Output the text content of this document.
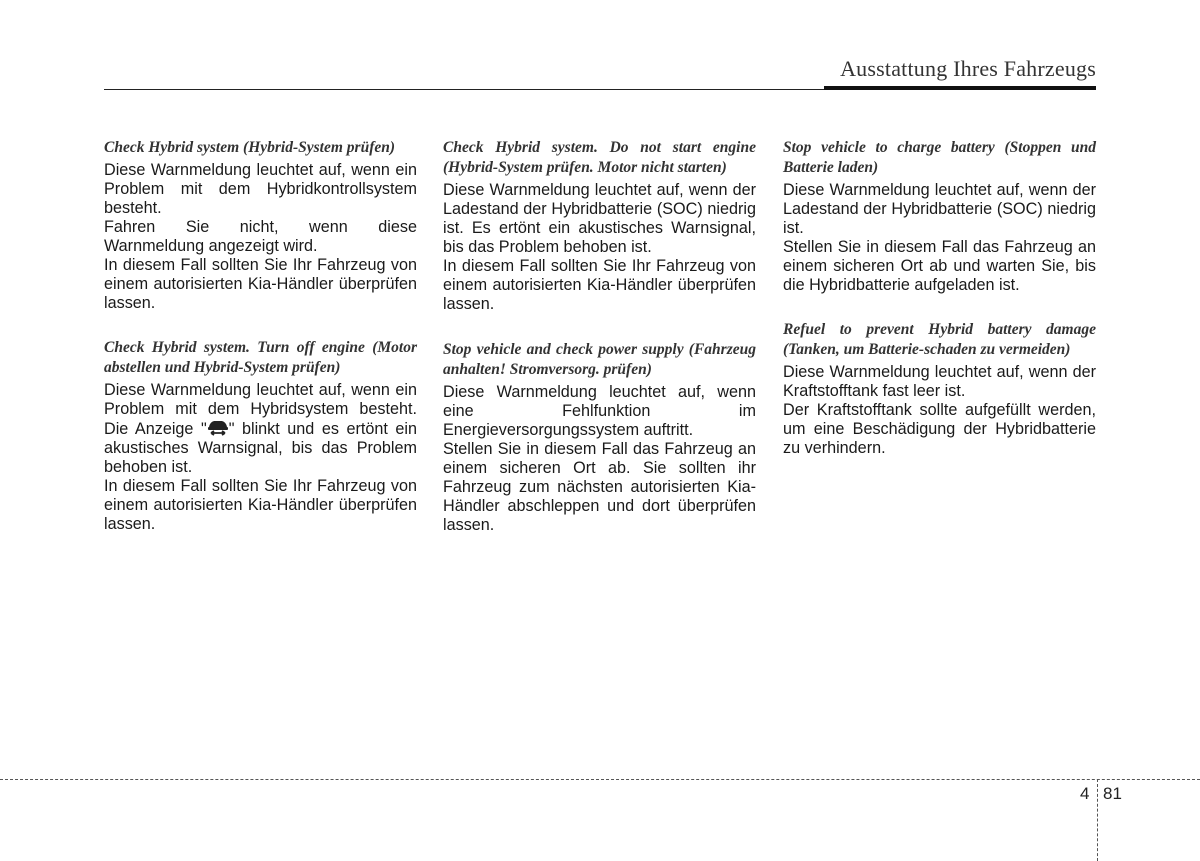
Ausstattung Ihres Fahrzeugs

Check Hybrid system (Hybrid-System prüfen)

Diese Warnmeldung leuchtet auf, wenn ein Problem mit dem Hybridkontrollsystem besteht.

Fahren Sie nicht, wenn diese Warnmeldung angezeigt wird.

In diesem Fall sollten Sie Ihr Fahrzeug von einem autorisierten Kia-Händler überprüfen lassen.

Check Hybrid system. Turn off engine (Motor abstellen und Hybrid-System prüfen)

Diese Warnmeldung leuchtet auf, wenn ein Problem mit dem Hybridsystem besteht. Die Anzeige " " blinkt und es ertönt ein akustisches Warnsignal, bis das Problem behoben ist.

In diesem Fall sollten Sie Ihr Fahrzeug von einem autorisierten Kia-Händler überprüfen lassen.

Check Hybrid system. Do not start engine (Hybrid-System prüfen. Motor nicht starten)

Diese Warnmeldung leuchtet auf, wenn der Ladestand der Hybridbatterie (SOC) niedrig ist. Es ertönt ein akustisches Warnsignal, bis das Problem behoben ist.

In diesem Fall sollten Sie Ihr Fahrzeug von einem autorisierten Kia-Händler überprüfen lassen.

Stop vehicle and check power supply (Fahrzeug anhalten! Stromversorg. prüfen)

Diese Warnmeldung leuchtet auf, wenn eine Fehlfunktion im Energieversorgungssystem auftritt.

Stellen Sie in diesem Fall das Fahrzeug an einem sicheren Ort ab. Sie sollten ihr Fahrzeug zum nächsten autorisierten Kia-Händler abschleppen und dort überprüfen lassen.

Stop vehicle to charge battery (Stoppen und Batterie laden)

Diese Warnmeldung leuchtet auf, wenn der Ladestand der Hybridbatterie (SOC) niedrig ist.

Stellen Sie in diesem Fall das Fahrzeug an einem sicheren Ort ab und warten Sie, bis die Hybridbatterie aufgeladen ist.

Refuel to prevent Hybrid battery damage (Tanken, um Batterie-schaden zu vermeiden)

Diese Warnmeldung leuchtet auf, wenn der Kraftstofftank fast leer ist.

Der Kraftstofftank sollte aufgefüllt werden, um eine Beschädigung der Hybridbatterie zu verhindern.

4 81
